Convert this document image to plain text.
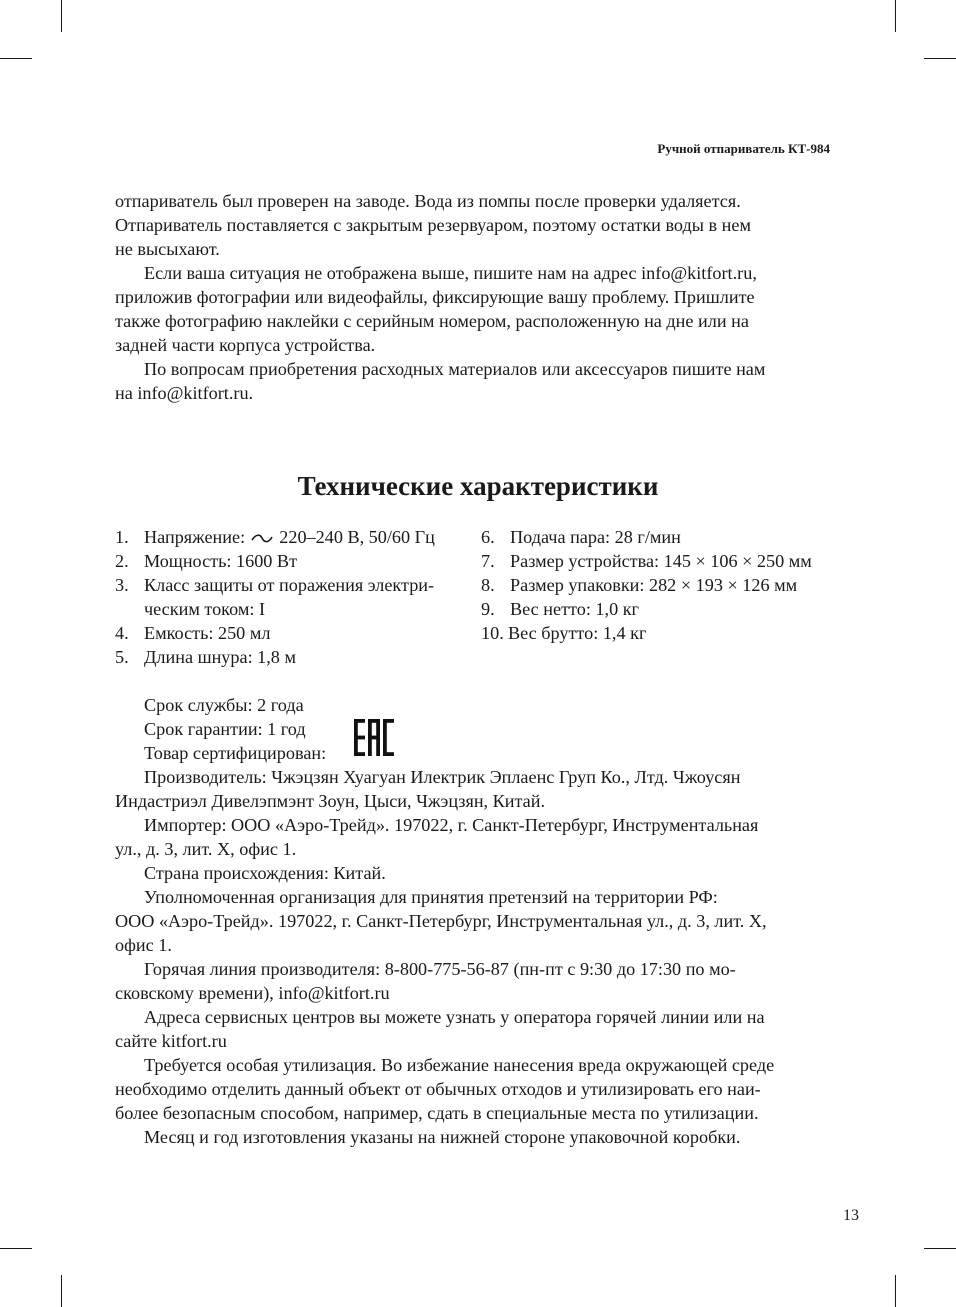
Ручной отпариватель КТ-984
отпариватель был проверен на заводе. Вода из помпы после проверки удаляется.
Отпариватель поставляется с закрытым резервуаром, поэтому остатки воды в нем
не высыхают.
Если ваша ситуация не отображена выше, пишите нам на адрес info@kitfort.ru,
приложив фотографии или видеофайлы, фиксирующие вашу проблему. Пришлите
также фотографию наклейки с серийным номером, расположенную на дне или на
задней части корпуса устройства.
По вопросам приобретения расходных материалов или аксессуаров пишите нам
на info@kitfort.ru.
Технические характеристики
1. Напряжение: 220–240 В, 50/60 Гц
2. Мощность: 1600 Вт
3. Класс защиты от поражения электри-
ческим током: I
4. Емкость: 250 мл
5. Длина шнура: 1,8 м
6. Подача пара: 28 г/мин
7. Размер устройства: 145 × 106 × 250 мм
8. Размер упаковки: 282 × 193 × 126 мм
9. Вес нетто: 1,0 кг
10. Вес брутто: 1,4 кг
Срок службы: 2 года
Срок гарантии: 1 год
Товар сертифицирован:
Производитель: Чжэцзян Хуагуан Илектрик Эплаенс Груп Ко., Лтд. Чжоусян
Индастриэл Дивелэпмэнт Зоун, Цыси, Чжэцзян, Китай.
Импортер: ООО «Аэро-Трейд». 197022, г. Санкт-Петербург, Инструментальная
ул., д. 3, лит. Х, офис 1.
Страна происхождения: Китай.
Уполномоченная организация для принятия претензий на территории РФ:
ООО «Аэро-Трейд». 197022, г. Санкт-Петербург, Инструментальная ул., д. 3, лит. Х,
офис 1.
Горячая линия производителя: 8-800-775-56-87 (пн-пт с 9:30 до 17:30 по мо-
сковскому времени), info@kitfort.ru
Адреса сервисных центров вы можете узнать у оператора горячей линии или на
сайте kitfort.ru
Требуется особая утилизация. Во избежание нанесения вреда окружающей среде
необходимо отделить данный объект от обычных отходов и утилизировать его наи-
более безопасным способом, например, сдать в специальные места по утилизации.
Месяц и год изготовления указаны на нижней стороне упаковочной коробки.
13
